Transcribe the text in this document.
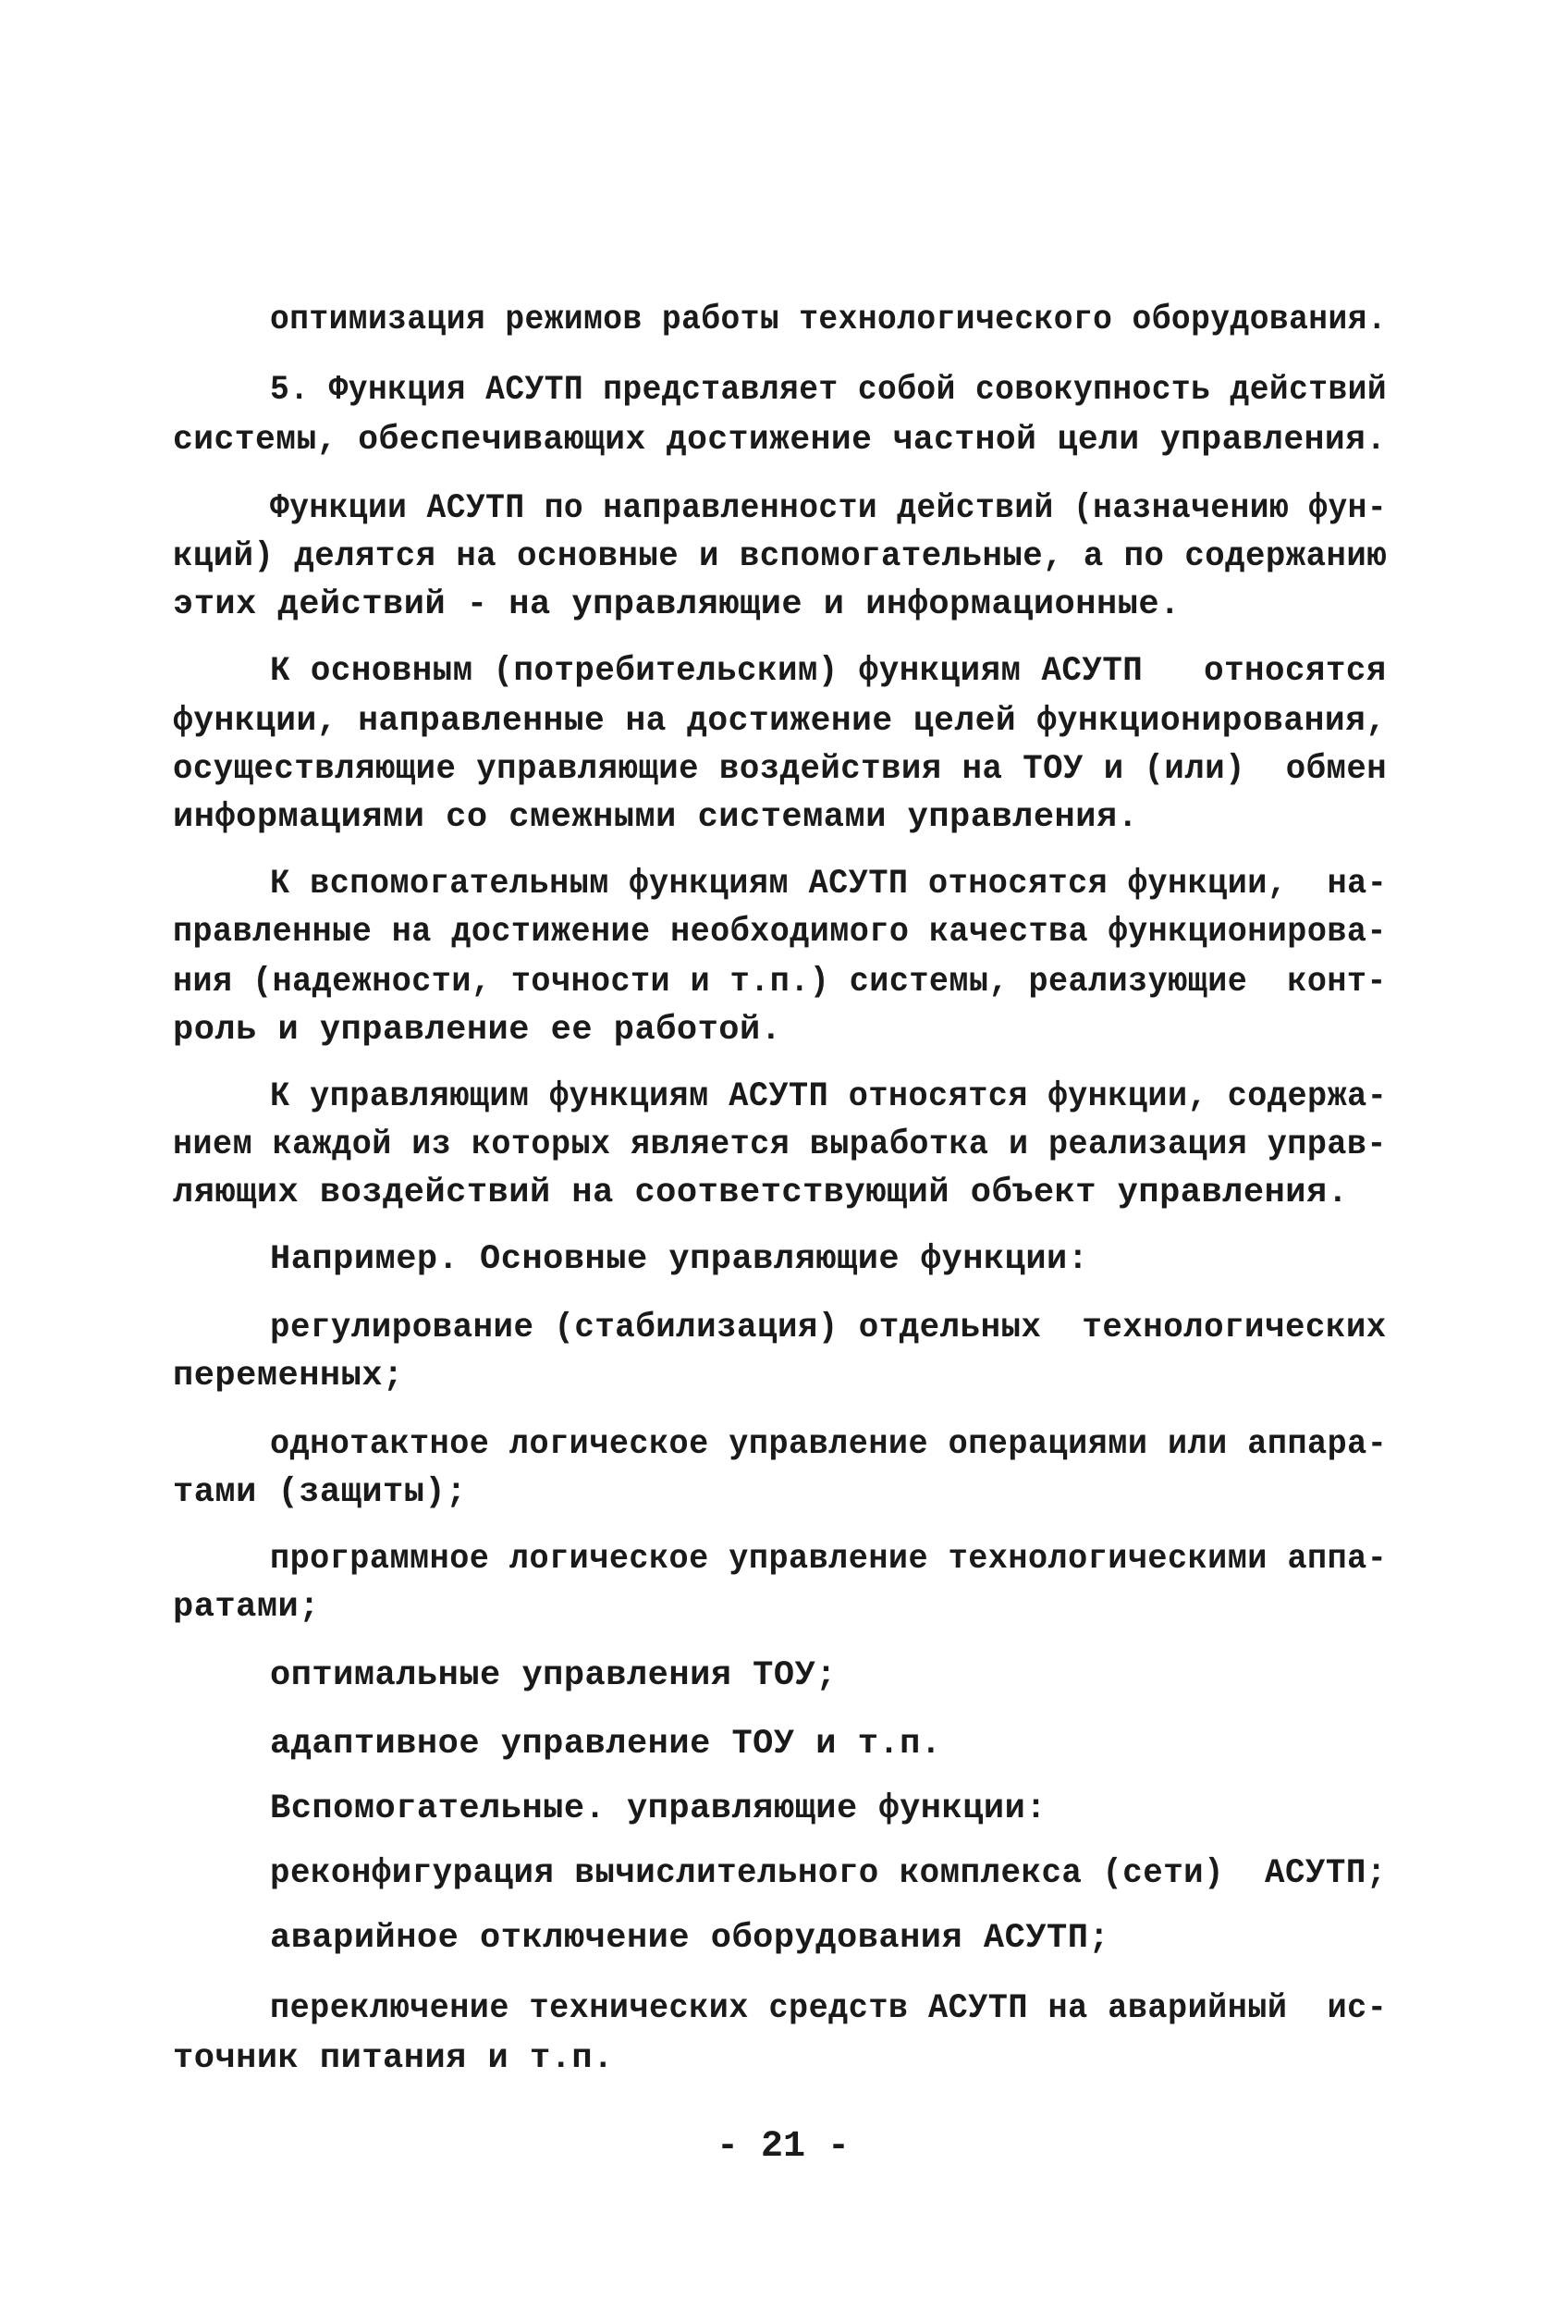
оптимизация режимов работы технологического оборудования.
5. Функция АСУТП представляет собой совокупность действий
системы, обеспечивающих достижение частной цели управления.
Функции АСУТП по направленности действий (назначению фун-
кций) делятся на основные и вспомогательные, а по содержанию
этих действий - на управляющие и информационные.
К основным (потребительским) функциям АСУТП   относятся
функции, направленные на достижение целей функционирования,
осуществляющие управляющие воздействия на ТОУ и (или)  обмен
информациями со смежными системами управления.
К вспомогательным функциям АСУТП относятся функции,  на-
правленные на достижение необходимого качества функционирова-
ния (надежности, точности и т.п.) системы, реализующие  конт-
роль и управление ее работой.
К управляющим функциям АСУТП относятся функции, содержа-
нием каждой из которых является выработка и реализация управ-
ляющих воздействий на соответствующий объект управления.
Например. Основные управляющие функции:
регулирование (стабилизация) отдельных  технологических
переменных;
однотактное логическое управление операциями или аппара-
тами (защиты);
программное логическое управление технологическими аппа-
ратами;
оптимальные управления ТОУ;
адаптивное управление ТОУ и т.п.
Вспомогательные. управляющие функции:
реконфигурация вычислительного комплекса (сети)  АСУТП;
аварийное отключение оборудования АСУТП;
переключение технических средств АСУТП на аварийный  ис-
точник питания и т.п.
- 21 -
